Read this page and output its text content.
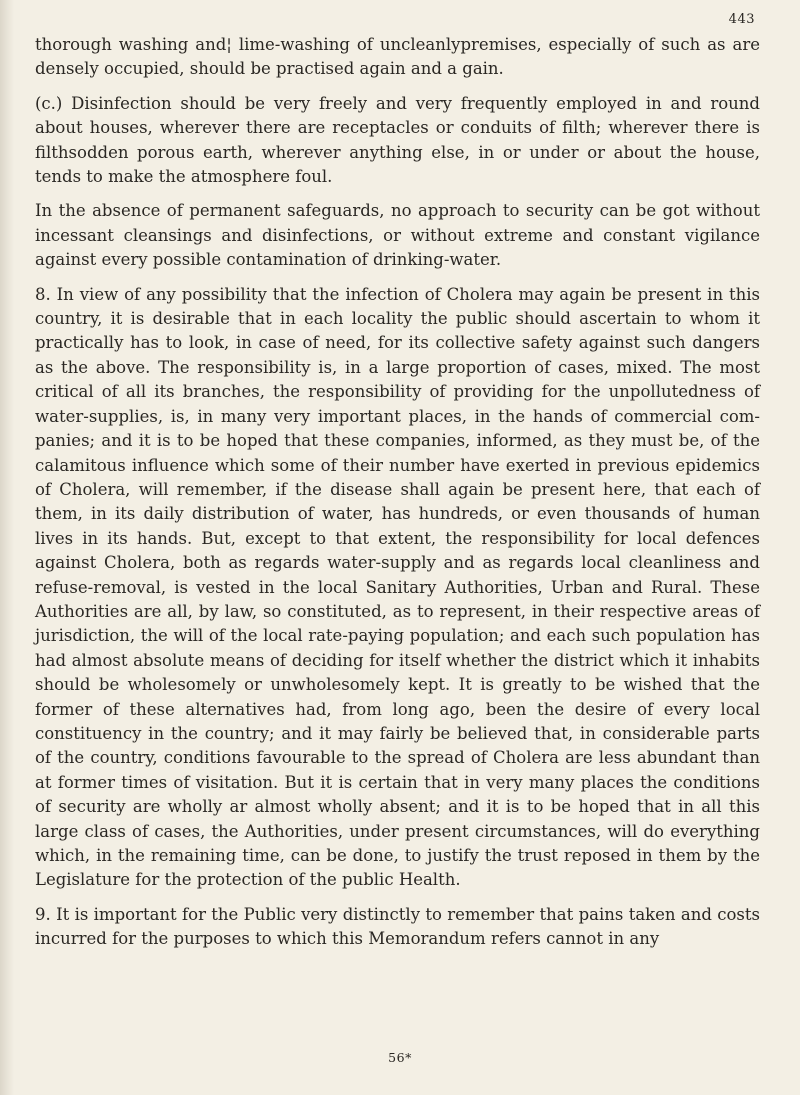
443

thorough washing and¦ lime-washing of uncleanlypremises, especially of such as are densely occupied, should be practised again and a gain.

(c.) Disinfection should be very freely and very frequently employed in and round about houses, wherever there are receptacles or conduits of filth; wherever there is filthsodden porous earth, wherever anything else, in or under or about the house, tends to make the atmosphere foul.

In the absence of permanent safeguards, no approach to security can be got without incessant cleansings and disinfections, or without extreme and constant vigilance against every possible contamination of drinking-water.

8. In view of any possibility that the infection of Cholera may again be present in this country, it is desirable that in each locality the public should ascertain to whom it practically has to look, in case of need, for its collective safety against such dangers as the above. The responsibility is, in a large proportion of cases, mixed. The most critical of all its branches, the responsibility of providing for the unpollutedness of water-supplies, is, in many very important places, in the hands of commercial com- panies; and it is to be hoped that these companies, informed, as they must be, of the calamitous influence which some of their number have exerted in previous epidemics of Cholera, will remember, if the disease shall again be present here, that each of them, in its daily distribution of water, has hundreds, or even thousands of human lives in its hands. But, except to that extent, the responsibility for local defences against Cholera, both as regards water-supply and as regards local cleanliness and refuse-removal, is vested in the local Sanitary Authorities, Urban and Rural. These Authorities are all, by law, so constituted, as to represent, in their respective areas of jurisdiction, the will of the local rate-paying population; and each such population has had almost absolute means of deciding for itself whether the district which it inhabits should be wholesomely or unwholesomely kept. It is greatly to be wished that the former of these alternatives had, from long ago, been the desire of every local constituency in the country; and it may fairly be believed that, in considerable parts of the country, conditions favourable to the spread of Cholera are less abundant than at former times of visitation. But it is certain that in very many places the conditions of security are wholly ar almost wholly absent; and it is to be hoped that in all this large class of cases, the Authorities, under present circumstances, will do everything which, in the remaining time, can be done, to justify the trust reposed in them by the Legislature for the protection of the public Health.

9. It is important for the Public very distinctly to remember that pains taken and costs incurred for the purposes to which this Memorandum refers cannot in any

56*
